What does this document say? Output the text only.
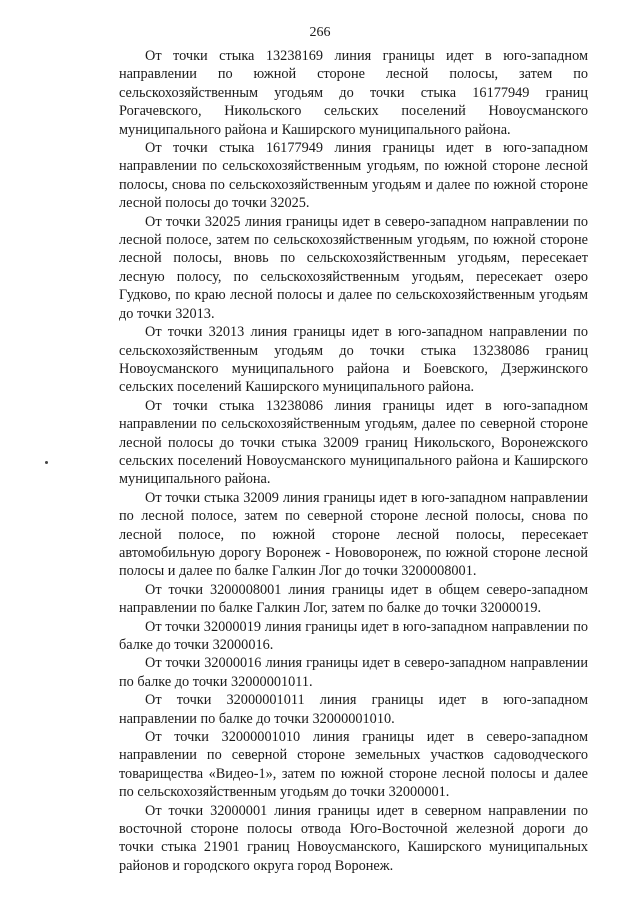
266

От точки стыка 13238169 линия границы идет в юго-западном направлении по южной стороне лесной полосы, затем по сельскохозяйственным угодьям до точки стыка 16177949 границ Рогачевского, Никольского сельских поселений Новоусманского муниципального района и Каширского муниципального района.

От точки стыка 16177949 линия границы идет в юго-западном направлении по сельскохозяйственным угодьям, по южной стороне лесной полосы, снова по сельскохозяйственным угодьям и далее по южной стороне лесной полосы до точки 32025.

От точки 32025 линия границы идет в северо-западном направлении по лесной полосе, затем по сельскохозяйственным угодьям, по южной стороне лесной полосы, вновь по сельскохозяйственным угодьям, пересекает лесную полосу, по сельскохозяйственным угодьям, пересекает озеро Гудково, по краю лесной полосы и далее по сельскохозяйственным угодьям до точки 32013.

От точки 32013 линия границы идет в юго-западном направлении по сельскохозяйственным угодьям до точки стыка 13238086 границ Новоусманского муниципального района и Боевского, Дзержинского сельских поселений Каширского муниципального района.

От точки стыка 13238086 линия границы идет в юго-западном направлении по сельскохозяйственным угодьям, далее по северной стороне лесной полосы до точки стыка 32009 границ Никольского, Воронежского сельских поселений Новоусманского муниципального района и Каширского муниципального района.

От точки стыка 32009 линия границы идет в юго-западном направлении по лесной полосе, затем по северной стороне лесной полосы, снова по лесной полосе, по южной стороне лесной полосы, пересекает автомобильную дорогу Воронеж - Нововоронеж, по южной стороне лесной полосы и далее по балке Галкин Лог до точки 3200008001.

От точки 3200008001 линия границы идет в общем северо-западном направлении по балке Галкин Лог, затем по балке до точки 32000019.

От точки 32000019 линия границы идет в юго-западном направлении по балке до точки 32000016.

От точки 32000016 линия границы идет в северо-западном направлении по балке до точки 32000001011.

От точки 32000001011 линия границы идет в юго-западном направлении по балке до точки 32000001010.

От точки 32000001010 линия границы идет в северо-западном направлении по северной стороне земельных участков садоводческого товарищества «Видео-1», затем по южной стороне лесной полосы и далее по сельскохозяйственным угодьям до точки 32000001.

От точки 32000001 линия границы идет в северном направлении по восточной стороне полосы отвода Юго-Восточной железной дороги до точки стыка 21901 границ Новоусманского, Каширского муниципальных районов и городского округа город Воронеж.
